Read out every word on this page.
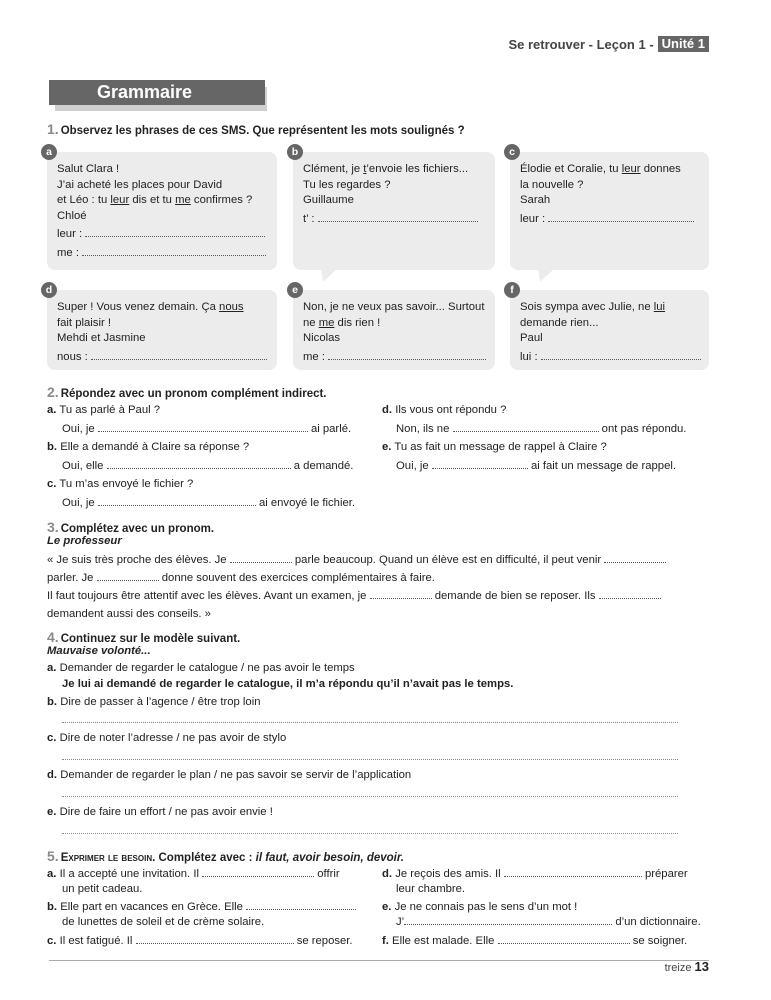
Se retrouver - Leçon 1 - Unité 1
Grammaire
1. Observez les phrases de ces SMS. Que représentent les mots soulignés ?
a
Salut Clara !
J’ai acheté les places pour David
et Léo : tu leur dis et tu me confirmes ?
Chloé
leur :
me :
b
Clément, je t’envoie les fichiers...
Tu les regardes ?
Guillaume
t’ :
c
Élodie et Coralie, tu leur donnes
la nouvelle ?
Sarah
leur :
d
Super ! Vous venez demain. Ça nous
fait plaisir !
Mehdi et Jasmine
nous :
e
Non, je ne veux pas savoir... Surtout
ne me dis rien !
Nicolas
me :
f
Sois sympa avec Julie, ne lui
demande rien...
Paul
lui :
2. Répondez avec un pronom complément indirect.
a. Tu as parlé à Paul ?
Oui, je	ai parlé.
b. Elle a demandé à Claire sa réponse ?
Oui, elle	a demandé.
c. Tu m’as envoyé le fichier ?
Oui, je	ai envoyé le fichier.
d. Ils vous ont répondu ?
Non, ils ne	ont pas répondu.
e. Tu as fait un message de rappel à Claire ?
Oui, je	ai fait un message de rappel.
3. Complétez avec un pronom.
Le professeur
« Je suis très proche des élèves. Je	parle beaucoup. Quand un élève est en difficulté, il peut venir
parler. Je	donne souvent des exercices complémentaires à faire.
Il faut toujours être attentif avec les élèves. Avant un examen, je	demande de bien se reposer. Ils
demandent aussi des conseils. »
4. Continuez sur le modèle suivant.
Mauvaise volonté...
a. Demander de regarder le catalogue / ne pas avoir le temps
Je lui ai demandé de regarder le catalogue, il m’a répondu qu’il n’avait pas le temps.
b. Dire de passer à l’agence / être trop loin
c. Dire de noter l’adresse / ne pas avoir de stylo
d. Demander de regarder le plan / ne pas savoir se servir de l’application
e. Dire de faire un effort / ne pas avoir envie !
5. Exprimer le besoin. Complétez avec : il faut, avoir besoin, devoir.
a. Il a accepté une invitation. Il	offrir
un petit cadeau.
b. Elle part en vacances en Grèce. Elle
de lunettes de soleil et de crème solaire.
c. Il est fatigué. Il	se reposer.
d. Je reçois des amis. Il	préparer
leur chambre.
e. Je ne connais pas le sens d’un mot !
J’	d’un dictionnaire.
f. Elle est malade. Elle	se soigner.
treize 13
